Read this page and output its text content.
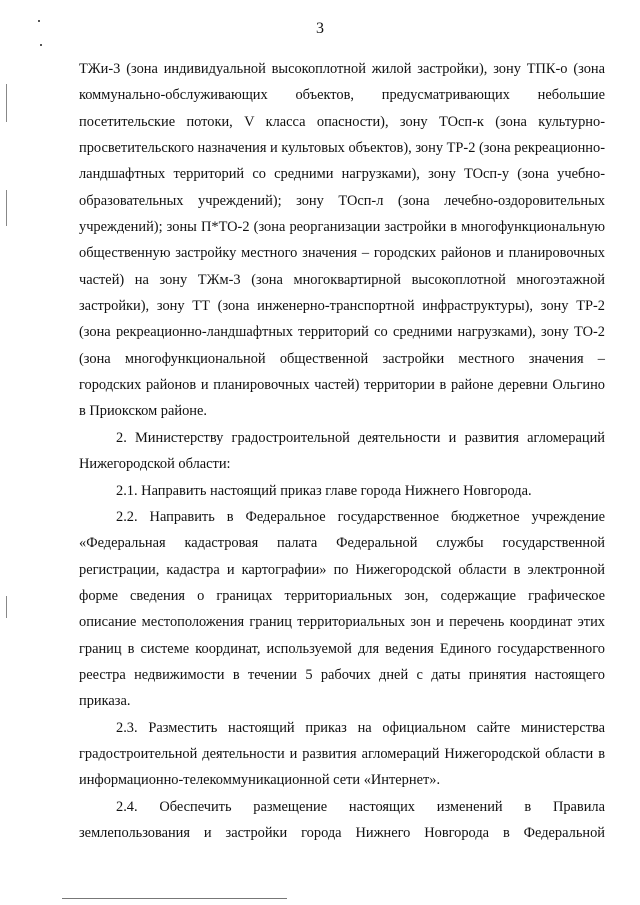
3

ТЖи-3 (зона индивидуальной высокоплотной жилой застройки), зону ТПК-о (зона коммунально-обслуживающих объектов, предусматривающих небольшие посетительские потоки, V класса опасности), зону ТОсп-к (зона культурно-просветительского назначения и культовых объектов), зону ТР-2 (зона рекреационно-ландшафтных территорий со средними нагрузками), зону ТОсп-у (зона учебно-образовательных учреждений); зону ТОсп-л (зона лечебно-оздоровительных учреждений); зоны П*ТО-2 (зона реорганизации застройки в многофункциональную общественную застройку местного значения – городских районов и планировочных частей) на зону ТЖм-3 (зона многоквартирной высокоплотной многоэтажной застройки), зону ТТ (зона инженерно-транспортной инфраструктуры), зону ТР-2 (зона рекреационно-ландшафтных территорий со средними нагрузками), зону ТО-2 (зона многофункциональной общественной застройки местного значения – городских районов и планировочных частей) территории в районе деревни Ольгино в Приокском районе.

2. Министерству градостроительной деятельности и развития агломераций Нижегородской области:

2.1. Направить настоящий приказ главе города Нижнего Новгорода.

2.2. Направить в Федеральное государственное бюджетное учреждение «Федеральная кадастровая палата Федеральной службы государственной регистрации, кадастра и картографии» по Нижегородской области в электронной форме сведения о границах территориальных зон, содержащие графическое описание местоположения границ территориальных зон и перечень координат этих границ в системе координат, используемой для ведения Единого государственного реестра недвижимости в течении 5 рабочих дней с даты принятия настоящего приказа.

2.3. Разместить настоящий приказ на официальном сайте министерства градостроительной деятельности и развития агломераций Нижегородской области в информационно-телекоммуникационной сети «Интернет».

2.4. Обеспечить размещение настоящих изменений в Правила землепользования и застройки города Нижнего Новгорода в Федеральной
